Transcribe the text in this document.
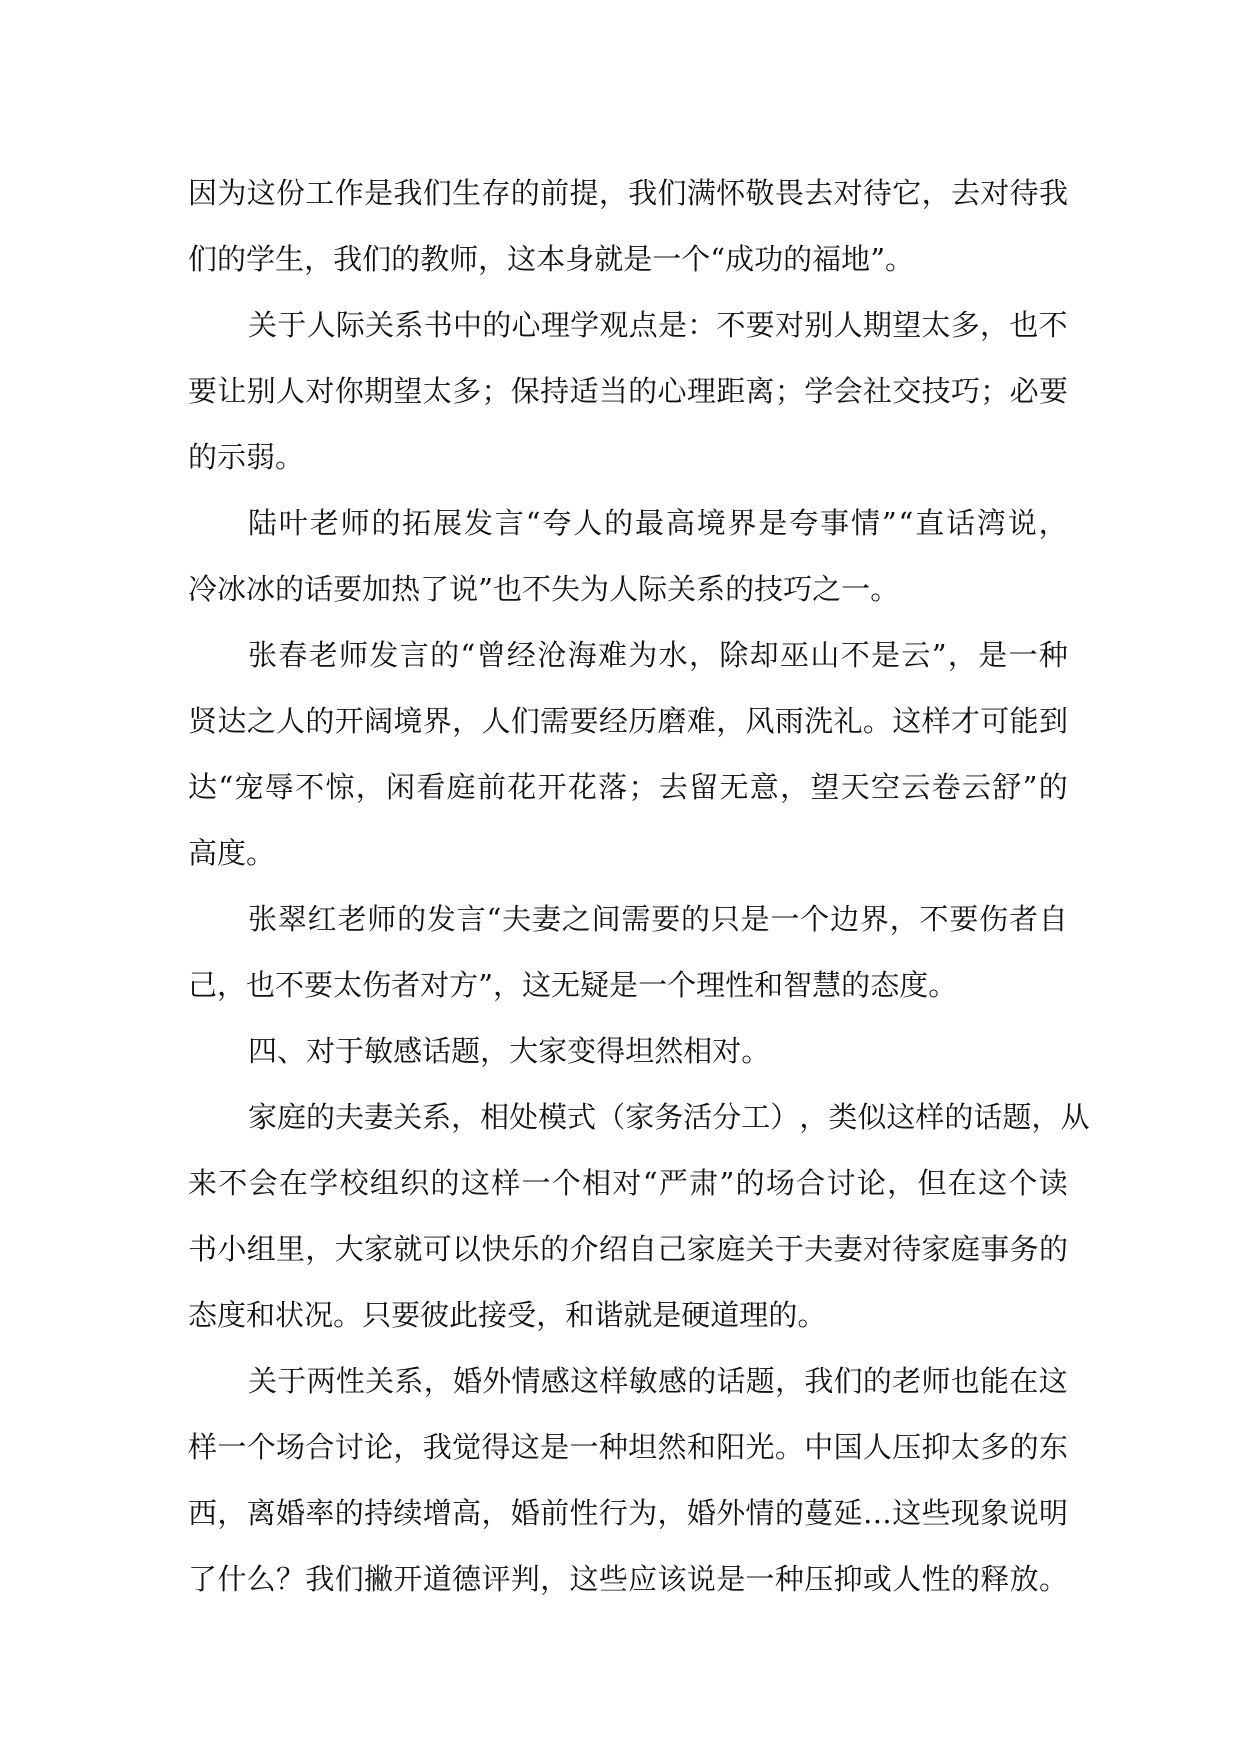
因 为 这 份 工 作 是 我 们 生 存 的 前 提 ， 我 们 满 怀 敬 畏 去 对 待 它 ， 去 对 待 我
们 的 学 生 ， 我 们 的 教 师 ， 这 本 身 就 是 一 个 “ 成 功 的 福 地 ” 。
关 于 人 际 关 系 书 中 的 心 理 学 观 点 是 ： 不 要 对 别 人 期 望 太 多 ， 也 不
要 让 别 人 对 你 期 望 太 多 ； 保 持 适 当 的 心 理 距 离 ； 学 会 社 交 技 巧 ； 必 要
的 示 弱 。
陆 叶 老 师 的 拓 展 发 言 “ 夸 人 的 最 高 境 界 是 夸 事 情 ” “ 直 话 湾 说 ，
冷 冰 冰 的 话 要 加 热 了 说 ” 也 不 失 为 人 际 关 系 的 技 巧 之 一 。
张 春 老 师 发 言 的 “ 曾 经 沧 海 难 为 水 ， 除 却 巫 山 不 是 云 ” ， 是 一 种
贤 达 之 人 的 开 阔 境 界 ， 人 们 需 要 经 历 磨 难 ， 风 雨 洗 礼 。 这 样 才 可 能 到
达 “ 宠 辱 不 惊 ， 闲 看 庭 前 花 开 花 落 ； 去 留 无 意 ， 望 天 空 云 卷 云 舒 ” 的
高 度 。
张 翠 红 老 师 的 发 言 “ 夫 妻 之 间 需 要 的 只 是 一 个 边 界 ， 不 要 伤 者 自
己 ， 也 不 要 太 伤 者 对 方 ” ， 这 无 疑 是 一 个 理 性 和 智 慧 的 态 度 。
四 、 对 于 敏 感 话 题 ， 大 家 变 得 坦 然 相 对 。
家 庭 的 夫 妻 关 系 ， 相 处 模 式 （ 家 务 活 分 工 ） ， 类 似 这 样 的 话 题 ， 从
来 不 会 在 学 校 组 织 的 这 样 一 个 相 对 “ 严 肃 ” 的 场 合 讨 论 ， 但 在 这 个 读
书 小 组 里 ， 大 家 就 可 以 快 乐 的 介 绍 自 己 家 庭 关 于 夫 妻 对 待 家 庭 事 务 的
态 度 和 状 况 。 只 要 彼 此 接 受 ， 和 谐 就 是 硬 道 理 的 。
关 于 两 性 关 系 ， 婚 外 情 感 这 样 敏 感 的 话 题 ， 我 们 的 老 师 也 能 在 这
样 一 个 场 合 讨 论 ， 我 觉 得 这 是 一 种 坦 然 和 阳 光 。 中 国 人 压 抑 太 多 的 东
西 ， 离 婚 率 的 持 续 增 高 ， 婚 前 性 行 为 ， 婚 外 情 的 蔓 延 … 这 些 现 象 说 明
了 什 么 ？ 我 们 撇 开 道 德 评 判 ， 这 些 应 该 说 是 一 种 压 抑 或 人 性 的 释 放 。
